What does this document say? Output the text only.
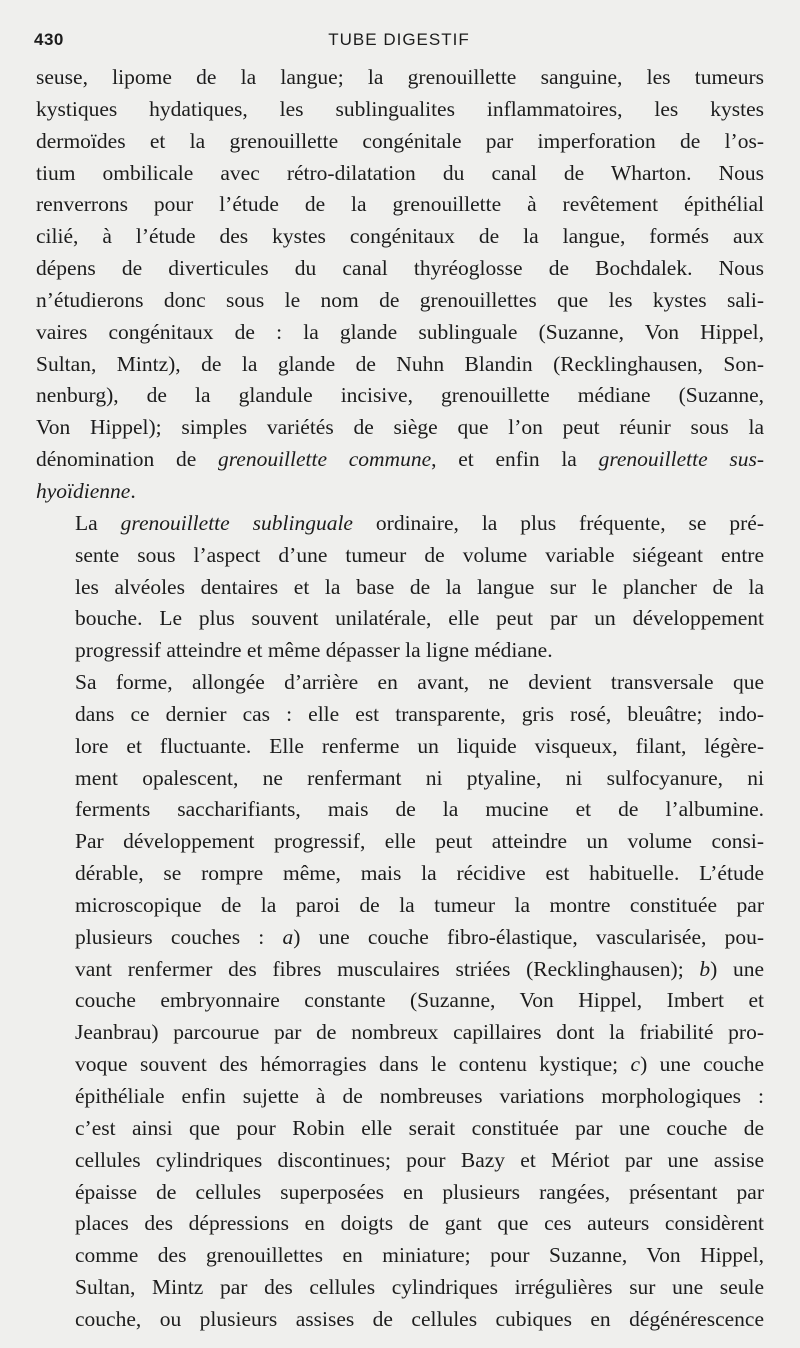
430	TUBE DIGESTIF

seuse, lipome de la langue; la grenouillette sanguine, les tumeurs
kystiques hydatiques, les sublingualites inflammatoires, les kystes
dermoïdes et la grenouillette congénitale par imperforation de l’os-
tium ombilicale avec rétro-dilatation du canal de Wharton. Nous
renverrons pour l’étude de la grenouillette à revêtement épithélial
cilié, à l’étude des kystes congénitaux de la langue, formés aux
dépens de diverticules du canal thyréoglosse de Bochdalek. Nous
n’étudierons donc sous le nom de grenouillettes que les kystes sali-
vaires congénitaux de : la glande sublinguale (Suzanne, Von Hippel,
Sultan, Mintz), de la glande de Nuhn Blandin (Recklinghausen, Son-
nenburg), de la glandule incisive, grenouillette médiane (Suzanne,
Von Hippel); simples variétés de siège que l’on peut réunir sous la
dénomination de grenouillette commune, et enfin la grenouillette sus-
hyoïdienne.

La grenouillette sublinguale ordinaire, la plus fréquente, se pré-
sente sous l’aspect d’une tumeur de volume variable siégeant entre
les alvéoles dentaires et la base de la langue sur le plancher de la
bouche. Le plus souvent unilatérale, elle peut par un développement
progressif atteindre et même dépasser la ligne médiane.

Sa forme, allongée d’arrière en avant, ne devient transversale que
dans ce dernier cas : elle est transparente, gris rosé, bleuâtre; indo-
lore et fluctuante. Elle renferme un liquide visqueux, filant, légère-
ment opalescent, ne renfermant ni ptyaline, ni sulfocyanure, ni
ferments saccharifiants, mais de la mucine et de l’albumine.
Par développement progressif, elle peut atteindre un volume consi-
dérable, se rompre même, mais la récidive est habituelle. L’étude
microscopique de la paroi de la tumeur la montre constituée par
plusieurs couches : a) une couche fibro-élastique, vascularisée, pou-
vant renfermer des fibres musculaires striées (Recklinghausen); b) une
couche embryonnaire constante (Suzanne, Von Hippel, Imbert et
Jeanbrau) parcourue par de nombreux capillaires dont la friabilité pro-
voque souvent des hémorragies dans le contenu kystique; c) une couche
épithéliale enfin sujette à de nombreuses variations morphologiques :
c’est ainsi que pour Robin elle serait constituée par une couche de
cellules cylindriques discontinues; pour Bazy et Mériot par une assise
épaisse de cellules superposées en plusieurs rangées, présentant par
places des dépressions en doigts de gant que ces auteurs considèrent
comme des grenouillettes en miniature; pour Suzanne, Von Hippel,
Sultan, Mintz par des cellules cylindriques irrégulières sur une seule
couche, ou plusieurs assises de cellules cubiques en dégénérescence
